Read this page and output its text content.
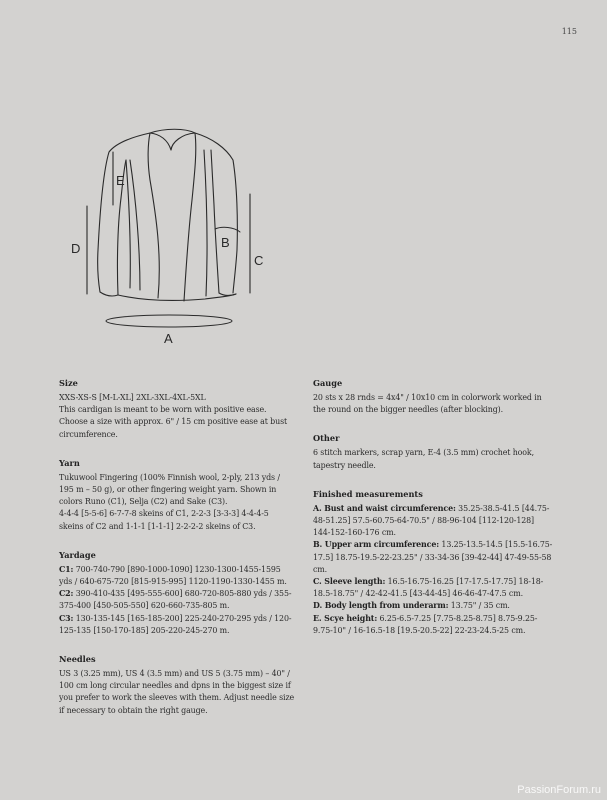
115
E
D	B
C
A
Size

XXS-XS-S [M-L-XL] 2XL-3XL-4XL-5XL

This cardigan is meant to be worn with positive ease. Choose a size with approx. 6" / 15 cm positive ease at bust circumference.

Yarn

Tukuwool Fingering (100% Finnish wool, 2-ply, 213 yds / 195 m – 50 g), or other fingering weight yarn. Shown in colors Runo (C1), Selja (C2) and Sake (C3).

4-4-4 [5-5-6] 6-7-7-8 skeins of C1, 2-2-3 [3-3-3] 4-4-4-5 skeins of C2 and 1-1-1 [1-1-1] 2-2-2-2 skeins of C3.

Yardage

C1: 700-740-790 [890-1000-1090] 1230-1300-1455-1595 yds / 640-675-720 [815-915-995] 1120-1190-1330-1455 m.

C2: 390-410-435 [495-555-600] 680-720-805-880 yds / 355-375-400 [450-505-550] 620-660-735-805 m.

C3: 130-135-145 [165-185-200] 225-240-270-295 yds / 120-125-135 [150-170-185] 205-220-245-270 m.

Needles

US 3 (3.25 mm), US 4 (3.5 mm) and US 5 (3.75 mm) – 40" / 100 cm long circular needles and dpns in the biggest size if you prefer to work the sleeves with them. Adjust needle size if necessary to obtain the right gauge.

Gauge

20 sts x 28 rnds = 4x4" / 10x10 cm in colorwork worked in the round on the bigger needles (after blocking).

Other

6 stitch markers, scrap yarn, E-4 (3.5 mm) crochet hook, tapestry needle.

Finished measurements

A. Bust and waist circumference: 35.25-38.5-41.5 [44.75-48-51.25] 57.5-60.75-64-70.5" / 88-96-104 [112-120-128] 144-152-160-176 cm.

B. Upper arm circumference: 13.25-13.5-14.5 [15.5-16.75-17.5] 18.75-19.5-22-23.25" / 33-34-36 [39-42-44] 47-49-55-58 cm.

C. Sleeve length: 16.5-16.75-16.25 [17-17.5-17.75] 18-18-18.5-18.75" / 42-42-41.5 [43-44-45] 46-46-47-47.5 cm.

D. Body length from underarm: 13.75" / 35 cm.

E. Scye height: 6.25-6.5-7.25 [7.75-8.25-8.75] 8.75-9.25-9.75-10" / 16-16.5-18 [19.5-20.5-22] 22-23-24.5-25 cm.

PassionForum.ru
